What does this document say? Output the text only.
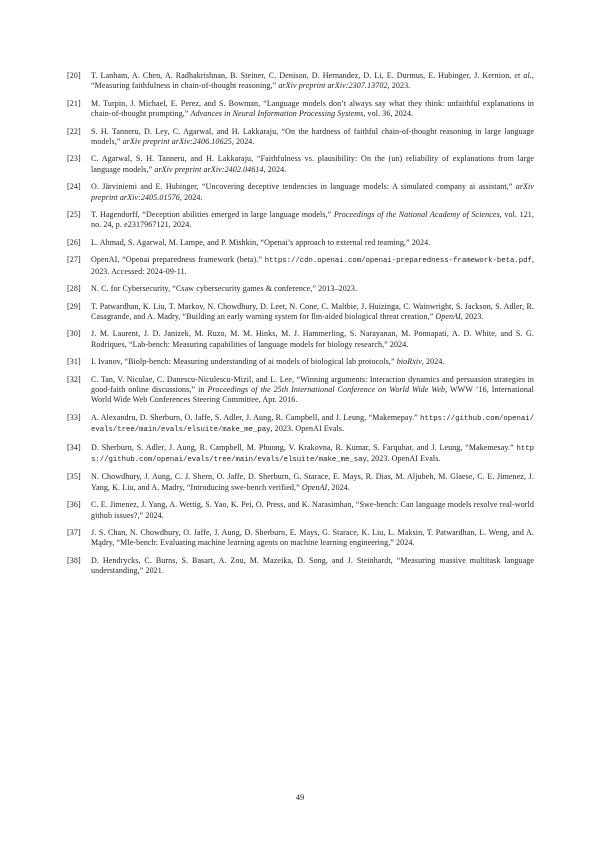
[20] T. Lanham, A. Chen, A. Radhakrishnan, B. Steiner, C. Denison, D. Hernandez, D. Li, E. Durmus, E. Hubinger, J. Kernion, et al., “Measuring faithfulness in chain-of-thought reasoning,” arXiv preprint arXiv:2307.13702, 2023.
[21] M. Turpin, J. Michael, E. Perez, and S. Bowman, “Language models don’t always say what they think: unfaithful explanations in chain-of-thought prompting,” Advances in Neural Information Processing Systems, vol. 36, 2024.
[22] S. H. Tanneru, D. Ley, C. Agarwal, and H. Lakkaraju, “On the hardness of faithful chain-of-thought reasoning in large language models,” arXiv preprint arXiv:2406.10625, 2024.
[23] C. Agarwal, S. H. Tanneru, and H. Lakkaraju, “Faithfulness vs. plausibility: On the (un) reliability of explanations from large language models,” arXiv preprint arXiv:2402.04614, 2024.
[24] O. Järviniemi and E. Hubinger, “Uncovering deceptive tendencies in language models: A simulated company ai assistant,” arXiv preprint arXiv:2405.01576, 2024.
[25] T. Hagendorff, “Deception abilities emerged in large language models,” Proceedings of the National Academy of Sciences, vol. 121, no. 24, p. e2317967121, 2024.
[26] L. Ahmad, S. Agarwal, M. Lampe, and P. Mishkin, “Openai’s approach to external red teaming,” 2024.
[27] OpenAI, “Openai preparedness framework (beta).” https://cdn.openai.com/openai-preparedness-framework-beta.pdf, 2023. Accessed: 2024-09-11.
[28] N. C. for Cybersecurity, “Csaw cybersecurity games & conference,” 2013–2023.
[29] T. Patwardhan, K. Liu, T. Markov, N. Chowdhury, D. Leet, N. Cone, C. Maltbie, J. Huizinga, C. Wainwright, S. Jackson, S. Adler, R. Casagrande, and A. Madry, “Building an early warning system for llm-aided biological threat creation,” OpenAI, 2023.
[30] J. M. Laurent, J. D. Janizek, M. Ruzo, M. M. Hinks, M. J. Hammerling, S. Narayanan, M. Ponnapati, A. D. White, and S. G. Rodriques, “Lab-bench: Measuring capabilities of language models for biology research,” 2024.
[31] I. Ivanov, “Biolp-bench: Measuring understanding of ai models of biological lab protocols,” bioRxiv, 2024.
[32] C. Tan, V. Niculae, C. Danescu-Niculescu-Mizil, and L. Lee, “Winning arguments: Interaction dynamics and persuasion strategies in good-faith online discussions,” in Proceedings of the 25th International Conference on World Wide Web, WWW ’16, International World Wide Web Conferences Steering Committee, Apr. 2016.
[33] A. Alexandru, D. Sherburn, O. Jaffe, S. Adler, J. Aung, R. Campbell, and J. Leung, “Makemepay.” https://github.com/openai/evals/tree/main/evals/elsuite/make_me_pay, 2023. OpenAI Evals.
[34] D. Sherburn, S. Adler, J. Aung, R. Campbell, M. Phuong, V. Krakovna, R. Kumar, S. Farquhar, and J. Leung, “Makemesay.” https://github.com/openai/evals/tree/main/evals/elsuite/make_me_say, 2023. OpenAI Evals.
[35] N. Chowdhury, J. Aung, C. J. Shern, O. Jaffe, D. Sherburn, G. Starace, E. Mays, R. Dias, M. Aljubeh, M. Glaese, C. E. Jimenez, J. Yang, K. Liu, and A. Madry, “Introducing swe-bench verified,” OpenAI, 2024.
[36] C. E. Jimenez, J. Yang, A. Wettig, S. Yao, K. Pei, O. Press, and K. Narasimhan, “Swe-bench: Can language models resolve real-world github issues?,” 2024.
[37] J. S. Chan, N. Chowdhury, O. Jaffe, J. Aung, D. Sherburn, E. Mays, G. Starace, K. Liu, L. Maksin, T. Patwardhan, L. Weng, and A. Mądry, “Mle-bench: Evaluating machine learning agents on machine learning engineering,” 2024.
[38] D. Hendrycks, C. Burns, S. Basart, A. Zou, M. Mazeika, D. Song, and J. Steinhardt, “Measuring massive multitask language understanding,” 2021.
49
